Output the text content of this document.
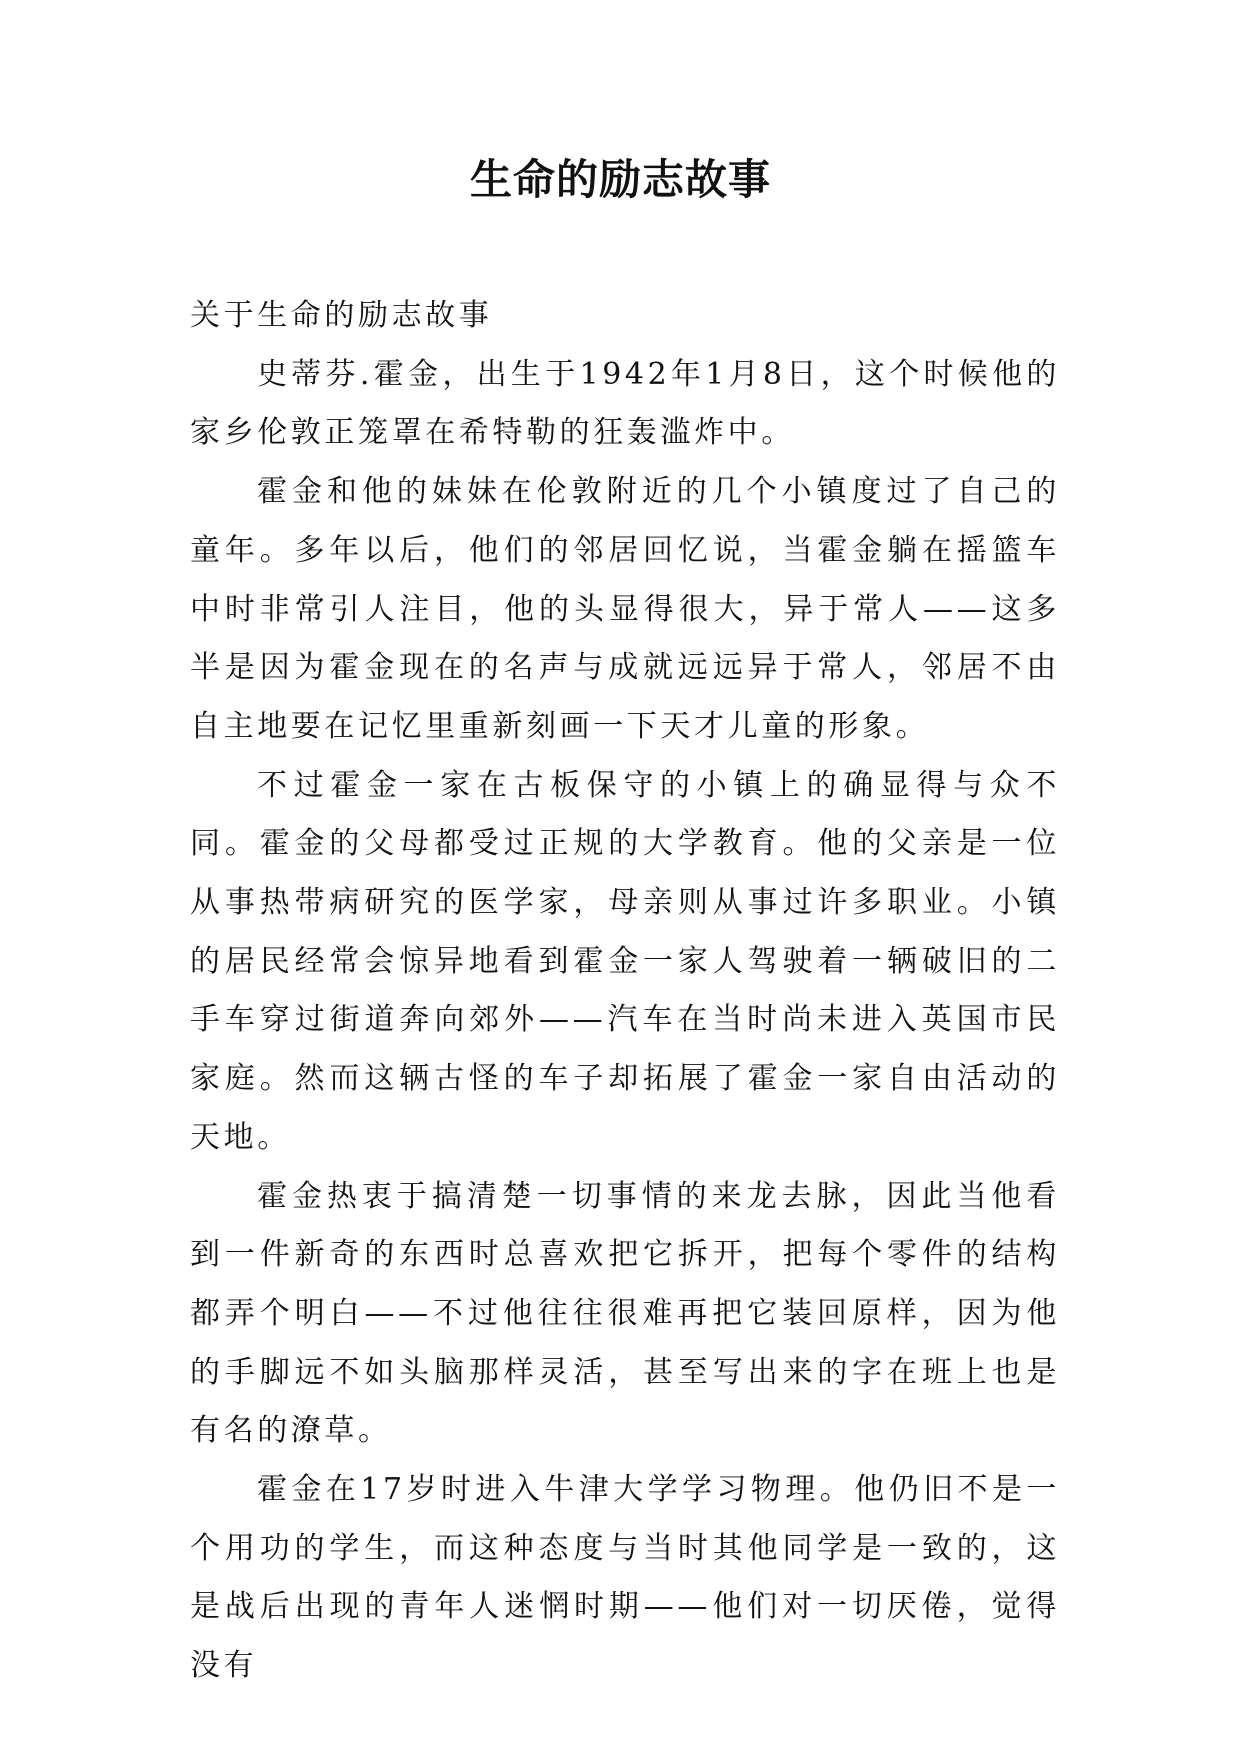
生命的励志故事

关于生命的励志故事

史蒂芬.霍金，出生于1942年1月8日，这个时候他的家乡伦敦正笼罩在希特勒的狂轰滥炸中。

霍金和他的妹妹在伦敦附近的几个小镇度过了自己的童年。多年以后，他们的邻居回忆说，当霍金躺在摇篮车中时非常引人注目，他的头显得很大，异于常人——这多半是因为霍金现在的名声与成就远远异于常人，邻居不由自主地要在记忆里重新刻画一下天才儿童的形象。

不过霍金一家在古板保守的小镇上的确显得与众不同。霍金的父母都受过正规的大学教育。他的父亲是一位从事热带病研究的医学家，母亲则从事过许多职业。小镇的居民经常会惊异地看到霍金一家人驾驶着一辆破旧的二手车穿过街道奔向郊外——汽车在当时尚未进入英国市民家庭。然而这辆古怪的车子却拓展了霍金一家自由活动的天地。

霍金热衷于搞清楚一切事情的来龙去脉，因此当他看到一件新奇的东西时总喜欢把它拆开，把每个零件的结构都弄个明白——不过他往往很难再把它装回原样，因为他的手脚远不如头脑那样灵活，甚至写出来的字在班上也是有名的潦草。

霍金在17岁时进入牛津大学学习物理。他仍旧不是一个用功的学生，而这种态度与当时其他同学是一致的，这是战后出现的青年人迷惘时期——他们对一切厌倦，觉得没有
